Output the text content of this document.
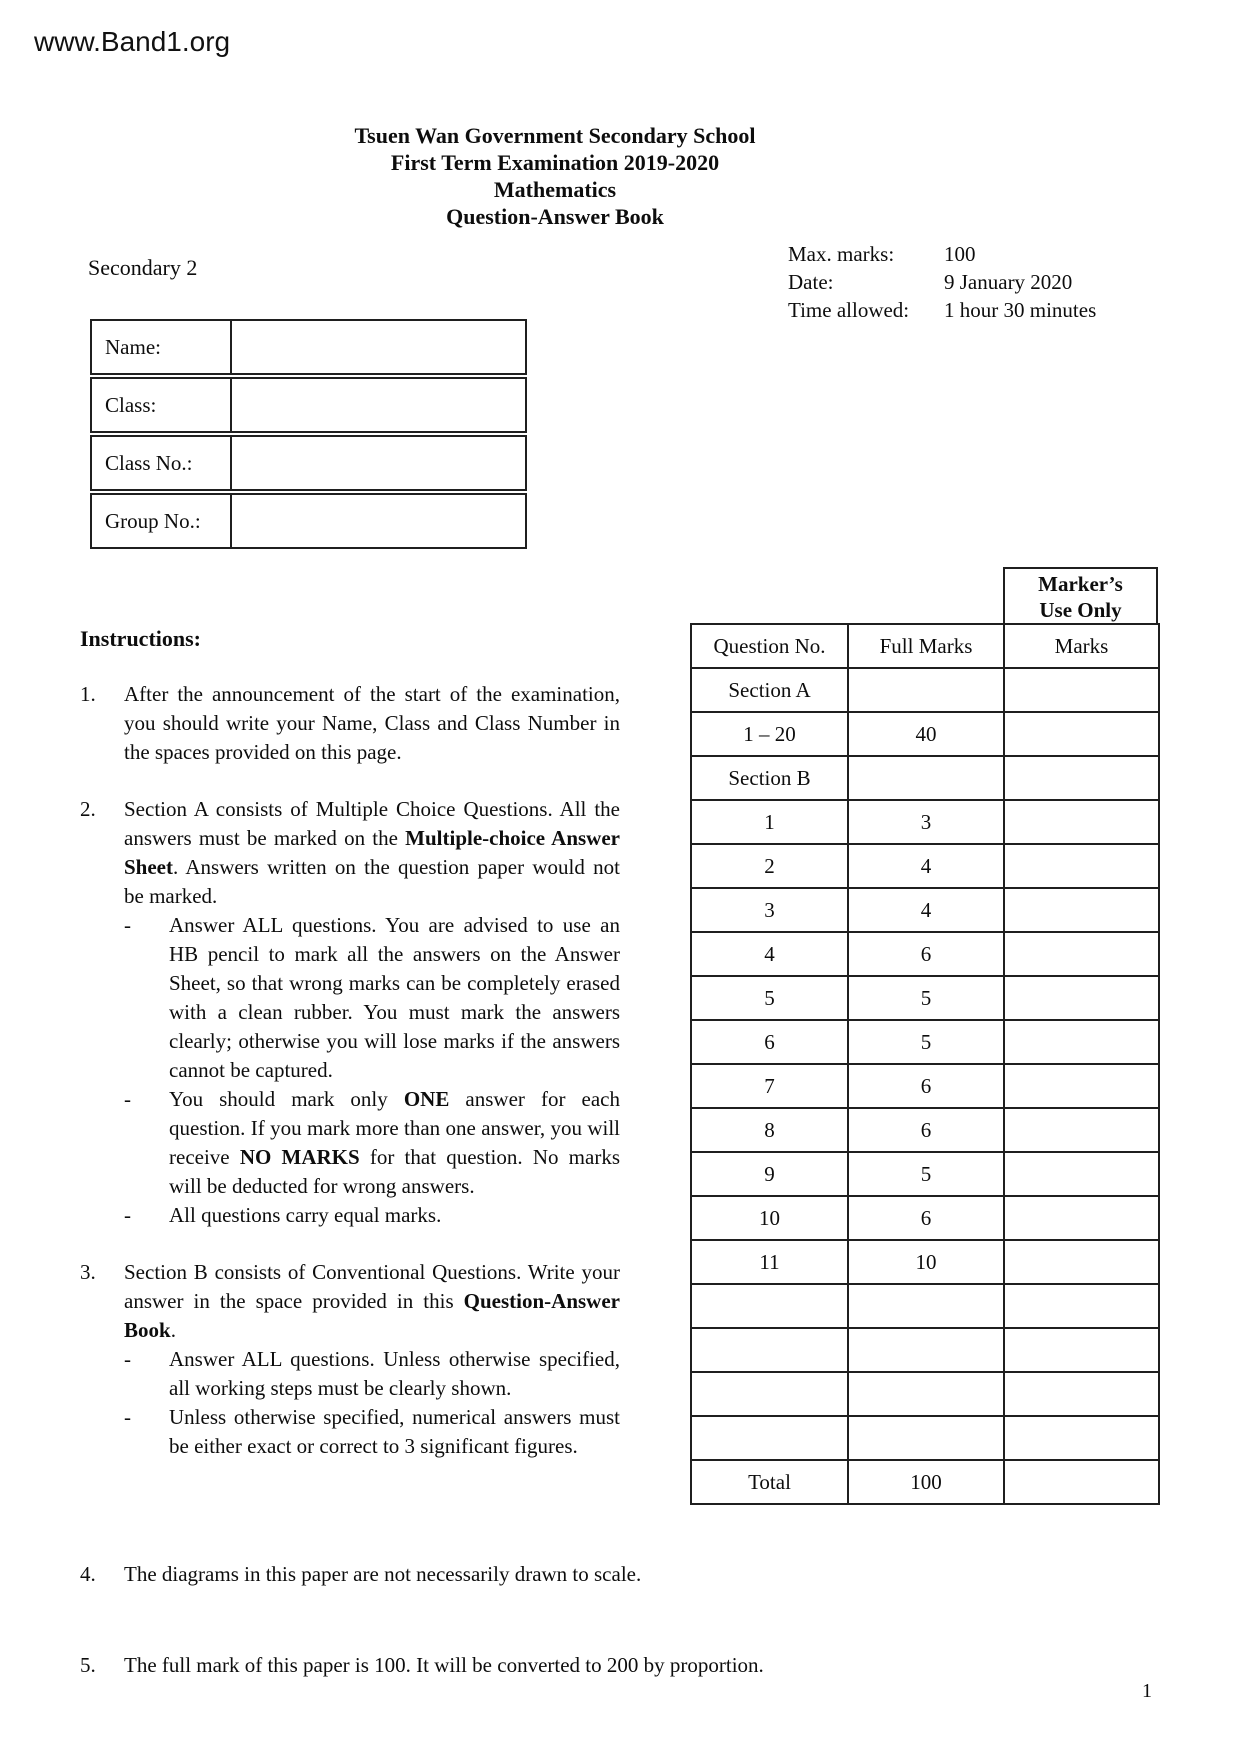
www.Band1.org
Tsuen Wan Government Secondary School
First Term Examination 2019-2020
Mathematics
Question-Answer Book
Secondary 2
Max. marks:	100
Date:	9 January 2020
Time allowed:	1 hour 30 minutes
Name:
Class:
Class No.:
Group No.:
Instructions:
1.	After the announcement of the start of the examination, you should write your Name, Class and Class Number in the spaces provided on this page.
2.	Section A consists of Multiple Choice Questions. All the answers must be marked on the Multiple-choice Answer Sheet. Answers written on the question paper would not be marked.
-	Answer ALL questions. You are advised to use an HB pencil to mark all the answers on the Answer Sheet, so that wrong marks can be completely erased with a clean rubber. You must mark the answers clearly; otherwise you will lose marks if the answers cannot be captured.
-	You should mark only ONE answer for each question. If you mark more than one answer, you will receive NO MARKS for that question. No marks will be deducted for wrong answers.
-	All questions carry equal marks.
3.	Section B consists of Conventional Questions. Write your answer in the space provided in this Question-Answer Book.
-	Answer ALL questions. Unless otherwise specified, all working steps must be clearly shown.
-	Unless otherwise specified, numerical answers must be either exact or correct to 3 significant figures.
4.	The diagrams in this paper are not necessarily drawn to scale.
5.	The full mark of this paper is 100. It will be converted to 200 by proportion.
Marker’s
Use Only
Question No.	Full Marks	Marks
Section A		
1 – 20	40	
Section B		
1	3	
2	4	
3	4	
4	6	
5	5	
6	5	
7	6	
8	6	
9	5	
10	6	
11	10	

Total	100	
1
